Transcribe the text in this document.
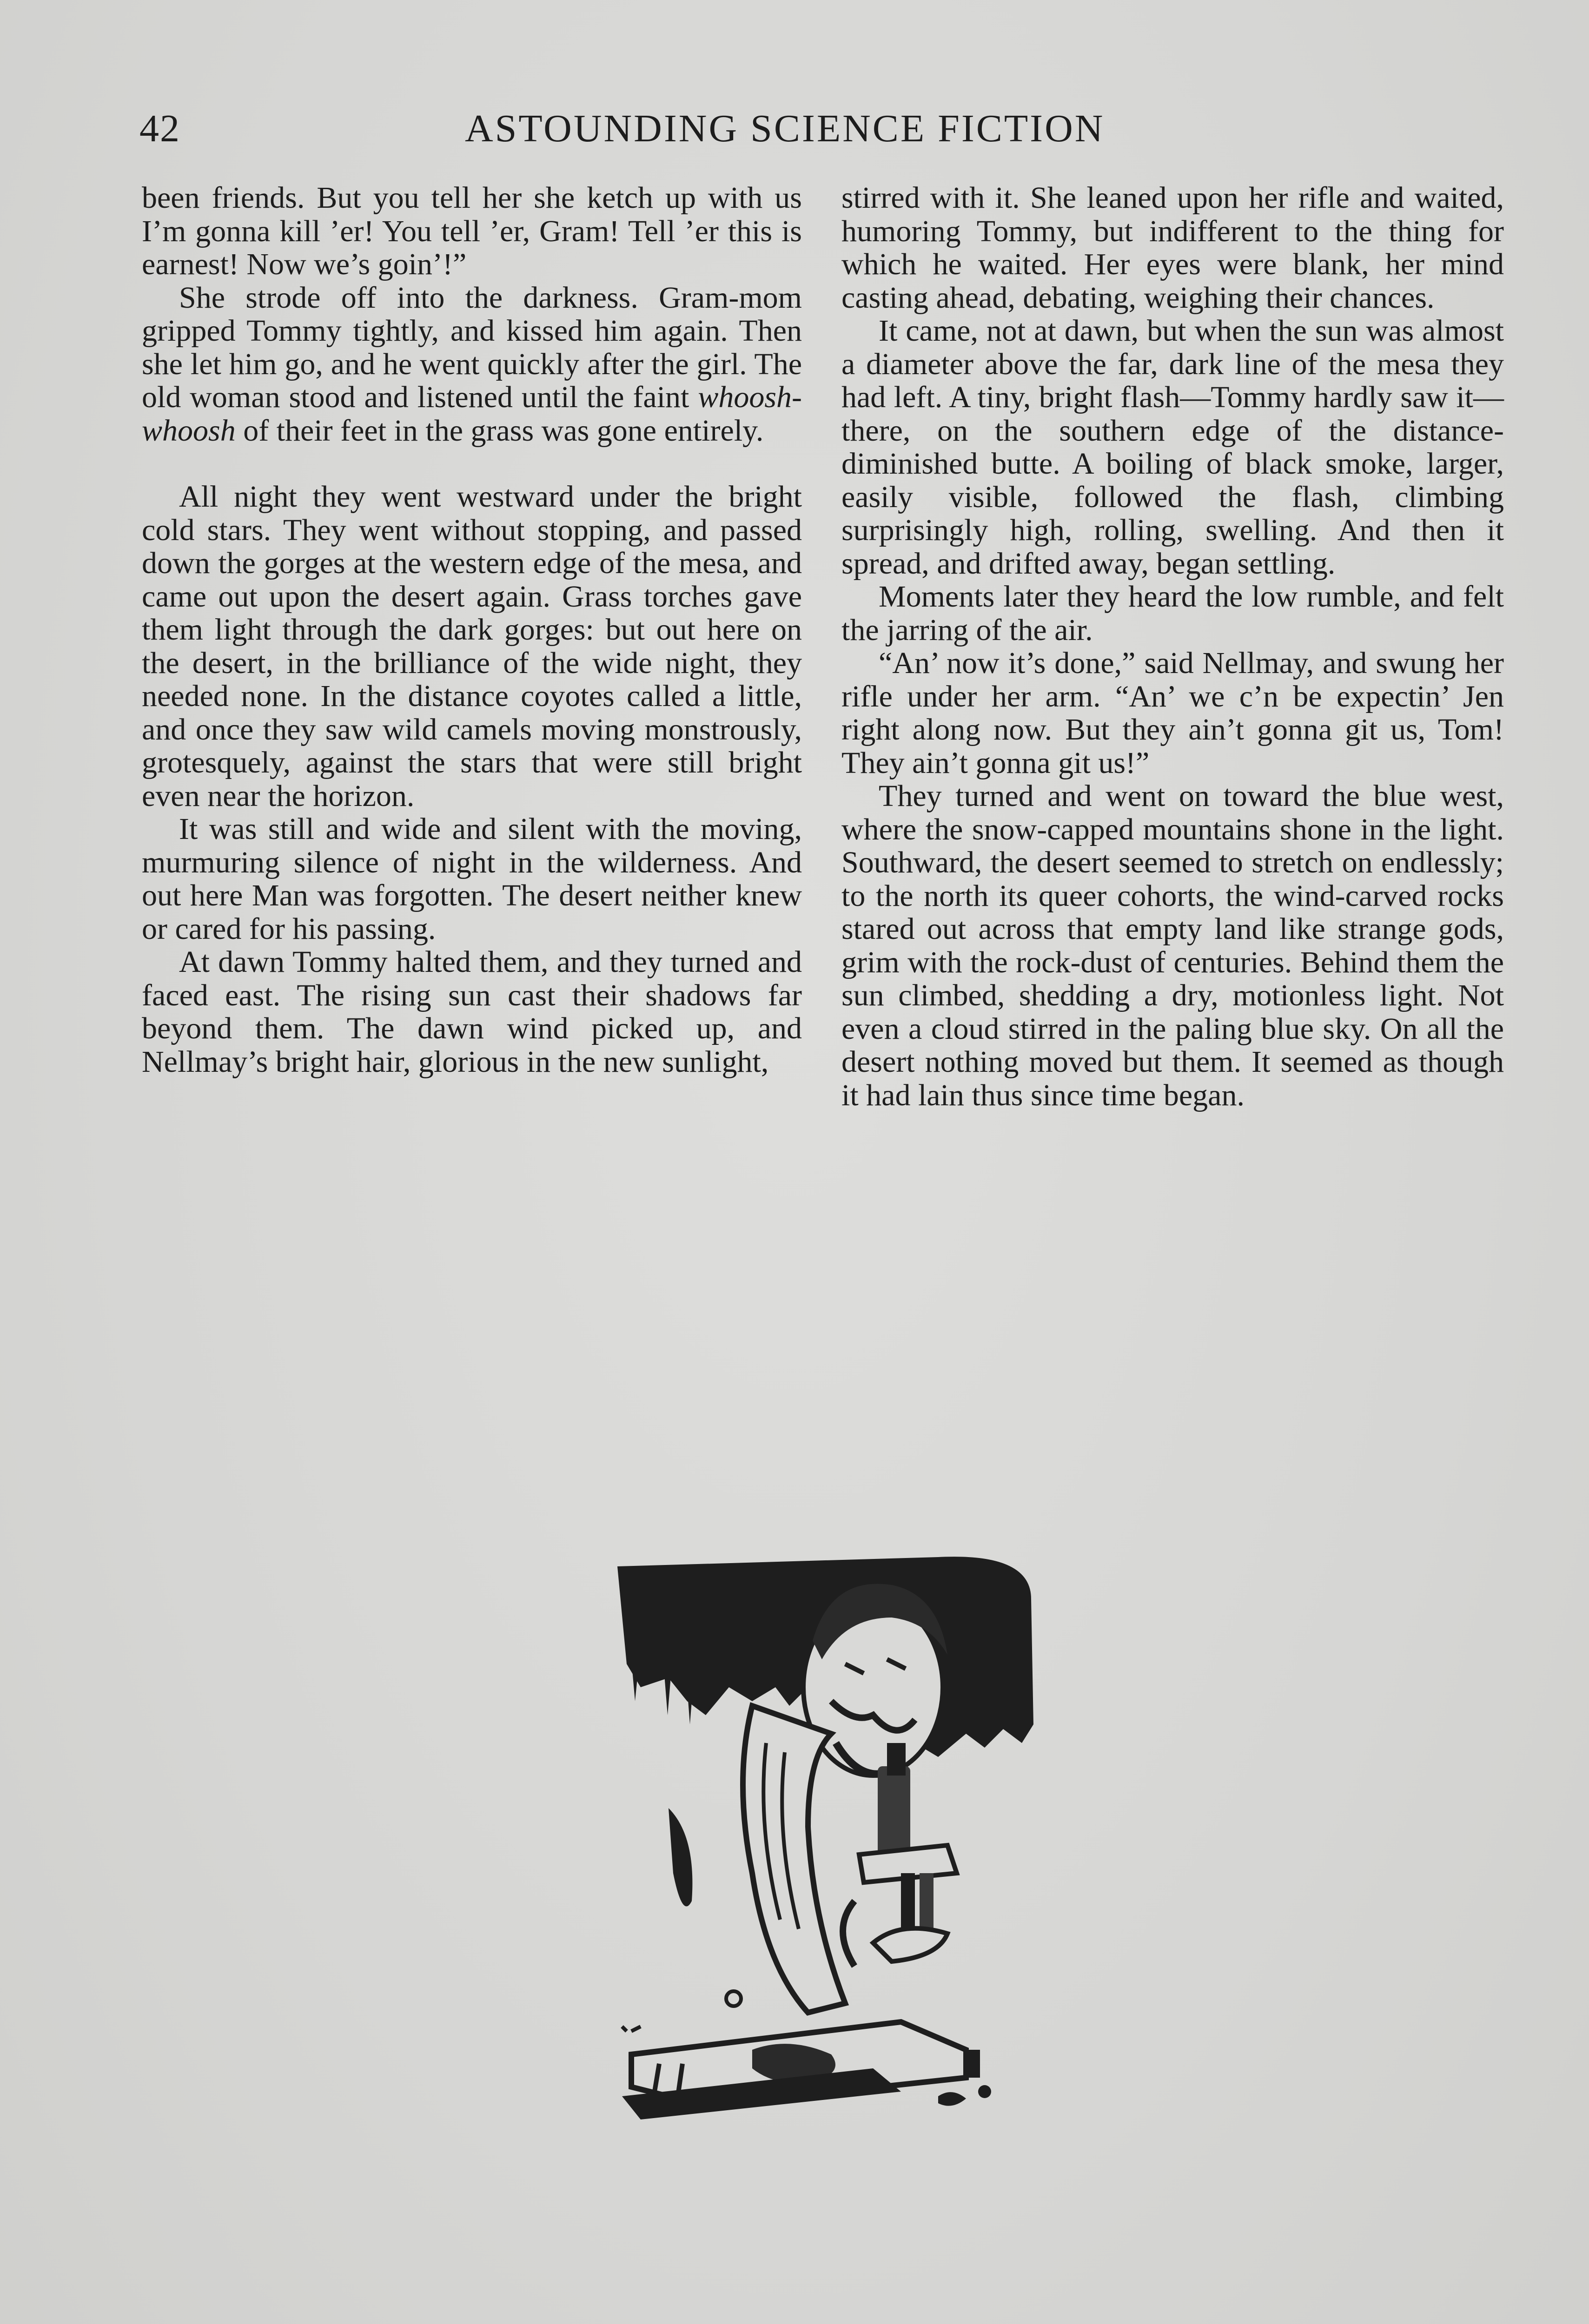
42	ASTOUNDING SCIENCE FICTION

been friends. But you tell her she ketch up with us I’m gonna kill ’er! You tell ’er, Gram! Tell ’er this is earnest! Now we’s goin’!”

She strode off into the darkness. Gram-mom gripped Tommy tightly, and kissed him again. Then she let him go, and he went quickly after the girl. The old woman stood and listened until the faint whoosh-whoosh of their feet in the grass was gone entirely.

All night they went westward under the bright cold stars. They went without stopping, and passed down the gorges at the western edge of the mesa, and came out upon the desert again. Grass torches gave them light through the dark gorges: but out here on the desert, in the brilliance of the wide night, they needed none. In the distance coyotes called a little, and once they saw wild camels moving monstrously, grotesquely, against the stars that were still bright even near the horizon.

It was still and wide and silent with the moving, murmuring silence of night in the wilderness. And out here Man was forgotten. The desert neither knew or cared for his passing.

At dawn Tommy halted them, and they turned and faced east. The rising sun cast their shadows far beyond them. The dawn wind picked up, and Nellmay’s bright hair, glorious in the new sunlight,

stirred with it. She leaned upon her rifle and waited, humoring Tommy, but indifferent to the thing for which he waited. Her eyes were blank, her mind casting ahead, debating, weighing their chances.

It came, not at dawn, but when the sun was almost a diameter above the far, dark line of the mesa they had left. A tiny, bright flash—Tommy hardly saw it—there, on the southern edge of the distance-diminished butte. A boiling of black smoke, larger, easily visible, followed the flash, climbing surprisingly high, rolling, swelling. And then it spread, and drifted away, began settling.

Moments later they heard the low rumble, and felt the jarring of the air.

“An’ now it’s done,” said Nellmay, and swung her rifle under her arm. “An’ we c’n be expectin’ Jen right along now. But they ain’t gonna git us, Tom! They ain’t gonna git us!”

They turned and went on toward the blue west, where the snow-capped mountains shone in the light. Southward, the desert seemed to stretch on endlessly; to the north its queer cohorts, the wind-carved rocks stared out across that empty land like strange gods, grim with the rock-dust of centuries. Behind them the sun climbed, shedding a dry, motionless light. Not even a cloud stirred in the paling blue sky. On all the desert nothing moved but them. It seemed as though it had lain thus since time began.
